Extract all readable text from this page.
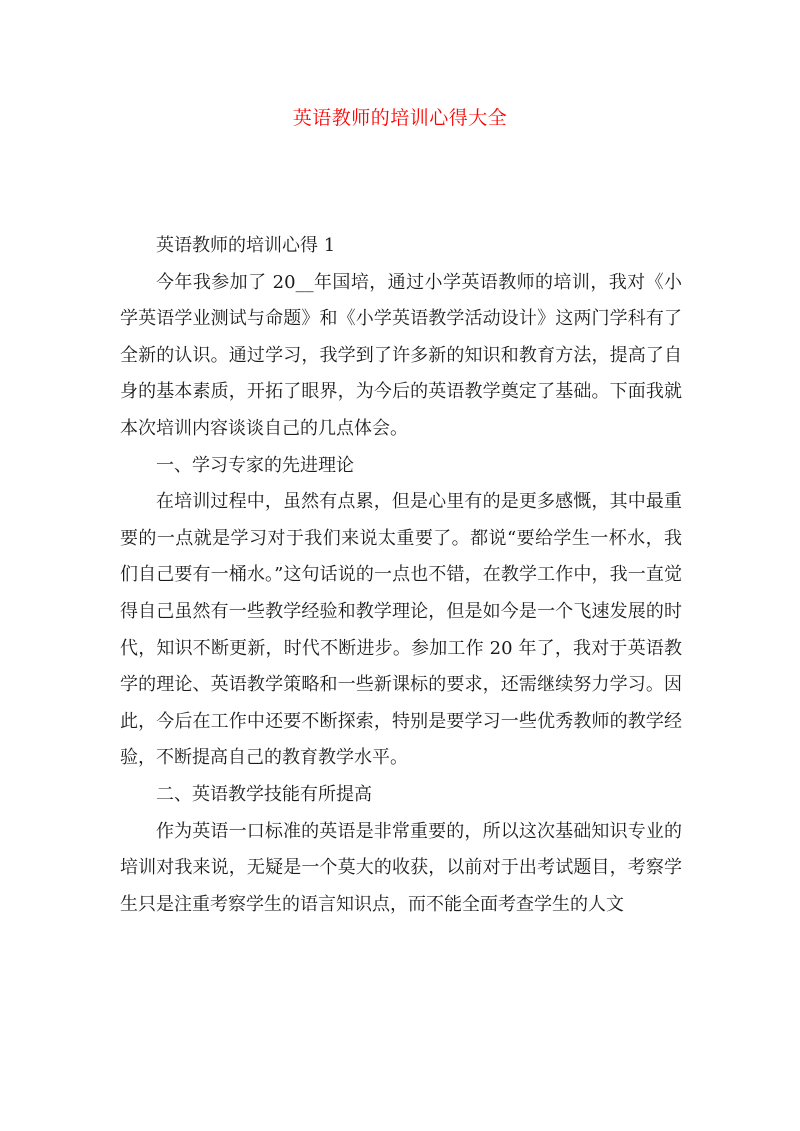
英语教师的培训心得大全

英语教师的培训心得 1

今年我参加了 20__年国培，通过小学英语教师的培训，我对《小学英语学业测试与命题》和《小学英语教学活动设计》这两门学科有了全新的认识。通过学习，我学到了许多新的知识和教育方法，提高了自身的基本素质，开拓了眼界，为今后的英语教学奠定了基础。下面我就本次培训内容谈谈自己的几点体会。

一、学习专家的先进理论

在培训过程中，虽然有点累，但是心里有的是更多感慨，其中最重要的一点就是学习对于我们来说太重要了。都说“要给学生一杯水，我们自己要有一桶水。”这句话说的一点也不错，在教学工作中，我一直觉得自己虽然有一些教学经验和教学理论，但是如今是一个飞速发展的时代，知识不断更新，时代不断进步。参加工作 20 年了，我对于英语教学的理论、英语教学策略和一些新课标的要求，还需继续努力学习。因此，今后在工作中还要不断探索，特别是要学习一些优秀教师的教学经验，不断提高自己的教育教学水平。

二、英语教学技能有所提高

作为英语一口标准的英语是非常重要的，所以这次基础知识专业的培训对我来说，无疑是一个莫大的收获，以前对于出考试题目，考察学生只是注重考察学生的语言知识点，而不能全面考查学生的人文
